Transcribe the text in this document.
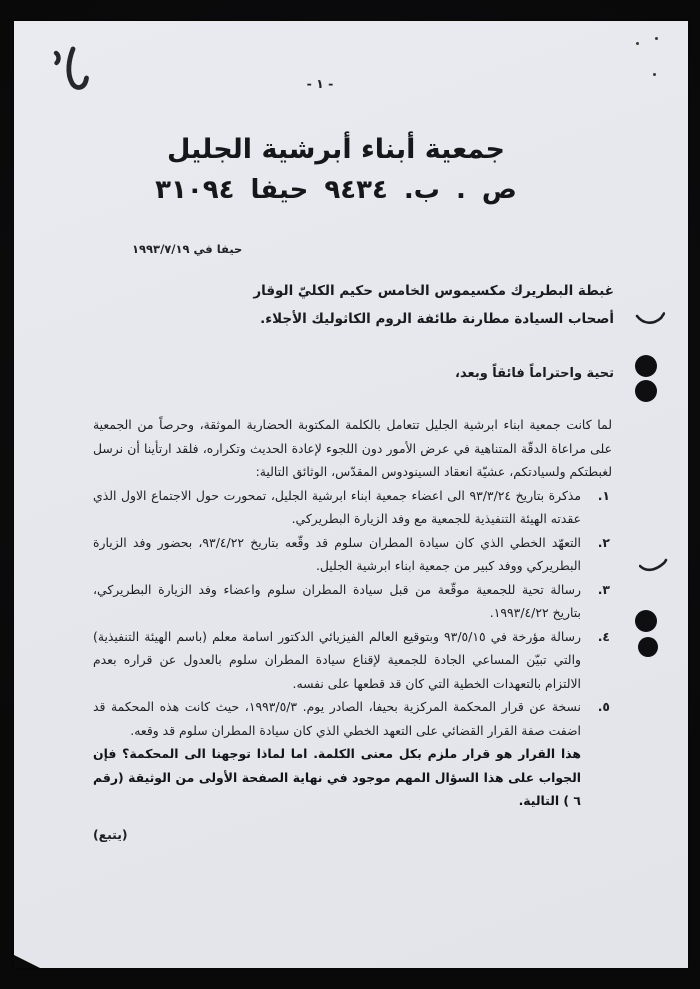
- ١ -
جمعية أبناء أبرشية الجليل
ص . ب. ٩٤٣٤ حيفا ٣١٠٩٤
حيفا في ١٩٩٣/٧/١٩
غبطة البطريرك مكسيموس الخامس حكيم الكليّ الوقار
أصحاب السيادة مطارنة طائفة الروم الكاثوليك الأجلاء.
تحية واحتراماً فائقاً وبعد،

لما كانت جمعية ابناء ابرشية الجليل تتعامل بالكلمة المكتوبة الحضارية الموثقة، وحرصاً من الجمعية على مراعاة الدقّة المتناهية في عرض الأمور دون اللجوء لإعادة الحديث وتكراره، فلقد ارتأينا أن نرسل لغبطتكم ولسيادتكم، عشيّة انعقاد السينودوس المقدّس، الوثائق التالية:

١.
مذكرة بتاريخ ٩٣/٣/٢٤ الى اعضاء جمعية ابناء ابرشية الجليل، تمحورت حول الاجتماع الاول الذي عقدته الهيئة التنفيذية للجمعية مع وفد الزيارة البطريركي.
٢.
التعهّد الخطي الذي كان سيادة المطران سلوم قد وقّعه بتاريخ ٩٣/٤/٢٢، بحضور وفد الزيارة البطريركي ووفد كبير من جمعية ابناء ابرشية الجليل.
٣.
رسالة تحية للجمعية موقّعة من قبل سيادة المطران سلوم واعضاء وفد الزيارة البطريركي، بتاريخ ١٩٩٣/٤/٢٢.
٤.
رسالة مؤرخة في ٩٣/٥/١٥ وبتوقيع العالم الفيزيائي الدكتور اسامة معلم (باسم الهيئة التنفيذية) والتي تبيّن المساعي الجادة للجمعية لإقناع سيادة المطران سلوم بالعدول عن قراره بعدم الالتزام بالتعهدات الخطية التي كان قد قطعها على نفسه.
٥.
نسخة عن قرار المحكمة المركزية بحيفا، الصادر يوم. ١٩٩٣/٥/٣، حيث كانت هذه المحكمة قد اضفت صفة القرار القضائي على التعهد الخطي الذي كان سيادة المطران سلوم قد وقعه.
هذا القرار هو قرار ملزم بكل معنى الكلمة. اما لماذا توجهنا الى المحكمة؟ فإن الجواب على هذا السؤال المهم موجود في نهاية الصفحة الأولى من الوثيقة (رقم ٦ ) التالية.
(يتبع)
